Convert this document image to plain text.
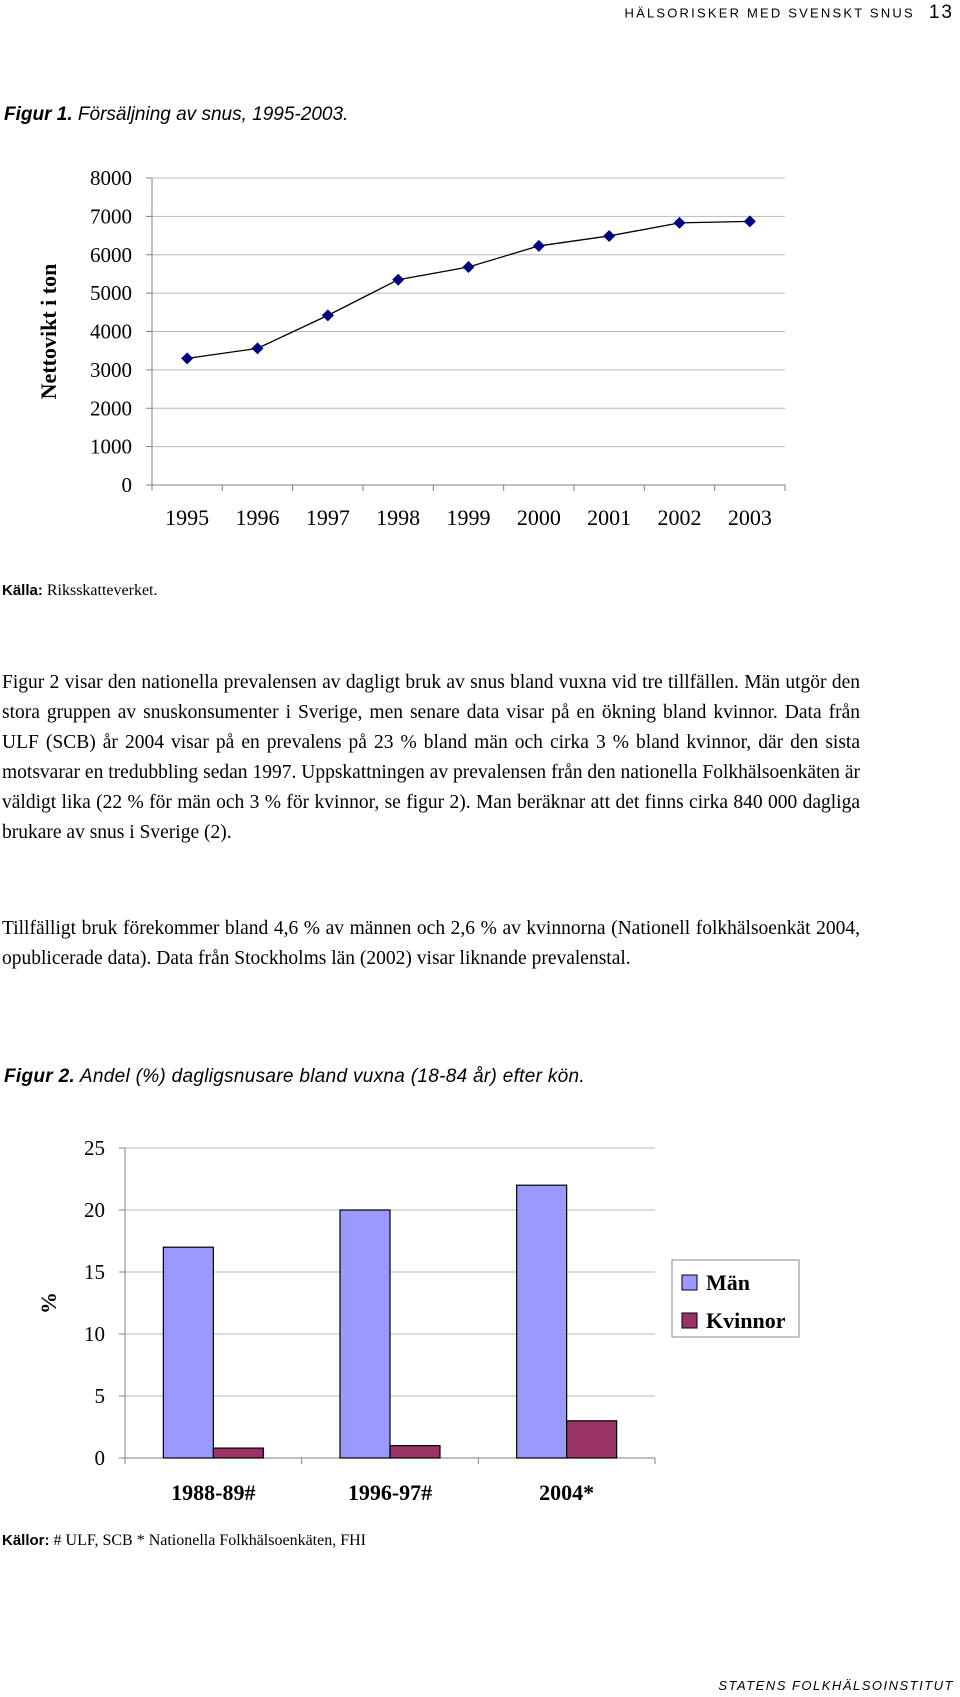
HÄLSORISKER MED SVENSKT SNUS 13
Figur 1. Försäljning av snus, 1995-2003.
0
1000
2000
3000
4000
5000
6000
7000
8000
1995 1996 1997 1998 1999 2000 2001 2002 2003
Nettovikt i ton
Källa: Riksskatteverket.

Figur 2 visar den nationella prevalensen av dagligt bruk av snus bland vuxna vid tre tillfällen. Män utgör den stora gruppen av snuskonsumenter i Sverige, men senare data visar på en ökning bland kvinnor. Data från ULF (SCB) år 2004 visar på en prevalens på 23 % bland män och cirka 3 % bland kvinnor, där den sista motsvarar en tredubbling sedan 1997. Uppskattningen av prevalensen från den nationella Folkhälsoenkäten är väldigt lika (22 % för män och 3 % för kvinnor, se figur 2). Man beräknar att det finns cirka 840 000 dagliga brukare av snus i Sverige (2).

Tillfälligt bruk förekommer bland 4,6 % av männen och 2,6 % av kvinnorna (Nationell folkhälsoenkät 2004, opublicerade data). Data från Stockholms län (2002) visar liknande prevalenstal.

Figur 2. Andel (%) dagligsnusare bland vuxna (18-84 år) efter kön.
0
5
10
15
20
25
1988-89#	1996-97#	2004*
%
Män
Kvinnor
Källor: # ULF, SCB * Nationella Folkhälsoenkäten, FHI
STATENS FOLKHÄLSOINSTITUT
